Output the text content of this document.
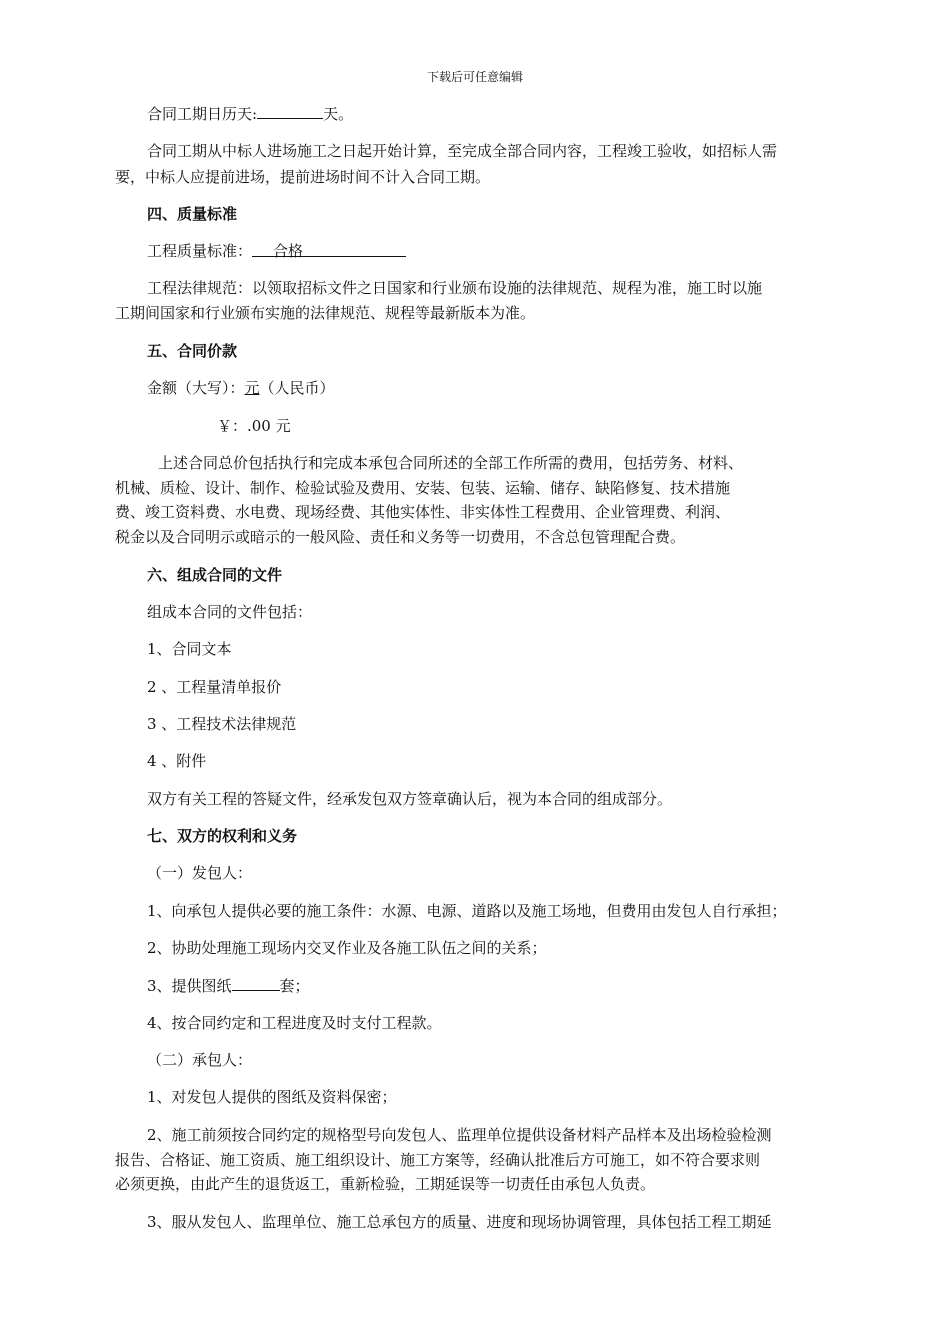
下载后可任意编辑
合同工期日历天:	天。
合同工期从中标人进场施工之日起开始计算，至完成全部合同内容，工程竣工验收，如招标人需
要，中标人应提前进场，提前进场时间不计入合同工期。
四、质量标准
工程质量标准： 合格
工程法律规范：以领取招标文件之日国家和行业颁布设施的法律规范、规程为准，施工时以施
工期间国家和行业颁布实施的法律规范、规程等最新版本为准。
五、合同价款
金额（大写）：元（人民币）
￥：.00 元
上述合同总价包括执行和完成本承包合同所述的全部工作所需的费用，包括劳务、材料、
机械、质检、设计、制作、检验试验及费用、安装、包装、运输、储存、缺陷修复、技术措施
费、竣工资料费、水电费、现场经费、其他实体性、非实体性工程费用、企业管理费、利润、
税金以及合同明示或暗示的一般风险、责任和义务等一切费用，不含总包管理配合费。
六、组成合同的文件
组成本合同的文件包括：
1、合同文本
2 、工程量清单报价
3 、工程技术法律规范
4 、附件
双方有关工程的答疑文件，经承发包双方签章确认后，视为本合同的组成部分。
七、双方的权利和义务
（一）发包人：
1、向承包人提供必要的施工条件：水源、电源、道路以及施工场地，但费用由发包人自行承担；
2、协助处理施工现场内交叉作业及各施工队伍之间的关系；
3、提供图纸	套；
4、按合同约定和工程进度及时支付工程款。
（二）承包人：
1、对发包人提供的图纸及资料保密；
2、施工前须按合同约定的规格型号向发包人、监理单位提供设备材料产品样本及出场检验检测
报告、合格证、施工资质、施工组织设计、施工方案等，经确认批准后方可施工，如不符合要求则
必须更换，由此产生的退货返工，重新检验，工期延误等一切责任由承包人负责。
3、服从发包人、监理单位、施工总承包方的质量、进度和现场协调管理，具体包括工程工期延
